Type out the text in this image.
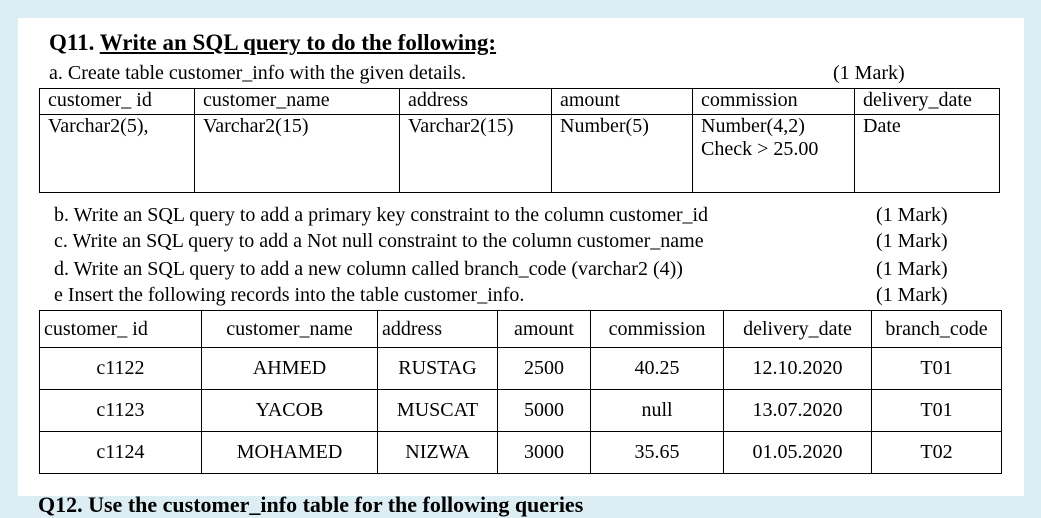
Q11. Write an SQL query to do the following:
a. Create table customer_info with the given details.	(1 Mark)
customer_ id	customer_name	address	amount	commission	delivery_date
Varchar2(5),	Varchar2(15)	Varchar2(15)	Number(5)	Number(4,2) Check > 25.00	Date
b. Write an SQL query to add a primary key constraint to the column customer_id	(1 Mark)
c. Write an SQL query to add a Not null constraint to the column customer_name	(1 Mark)
d. Write an SQL query to add a new column called branch_code (varchar2 (4))	(1 Mark)
e Insert the following records into the table customer_info.	(1 Mark)
customer_ id	customer_name	address	amount	commission	delivery_date	branch_code
c1122	AHMED	RUSTAG	2500	40.25	12.10.2020	T01
c1123	YACOB	MUSCAT	5000	null	13.07.2020	T01
c1124	MOHAMED	NIZWA	3000	35.65	01.05.2020	T02
Q12. Use the customer_info table for the following queries
